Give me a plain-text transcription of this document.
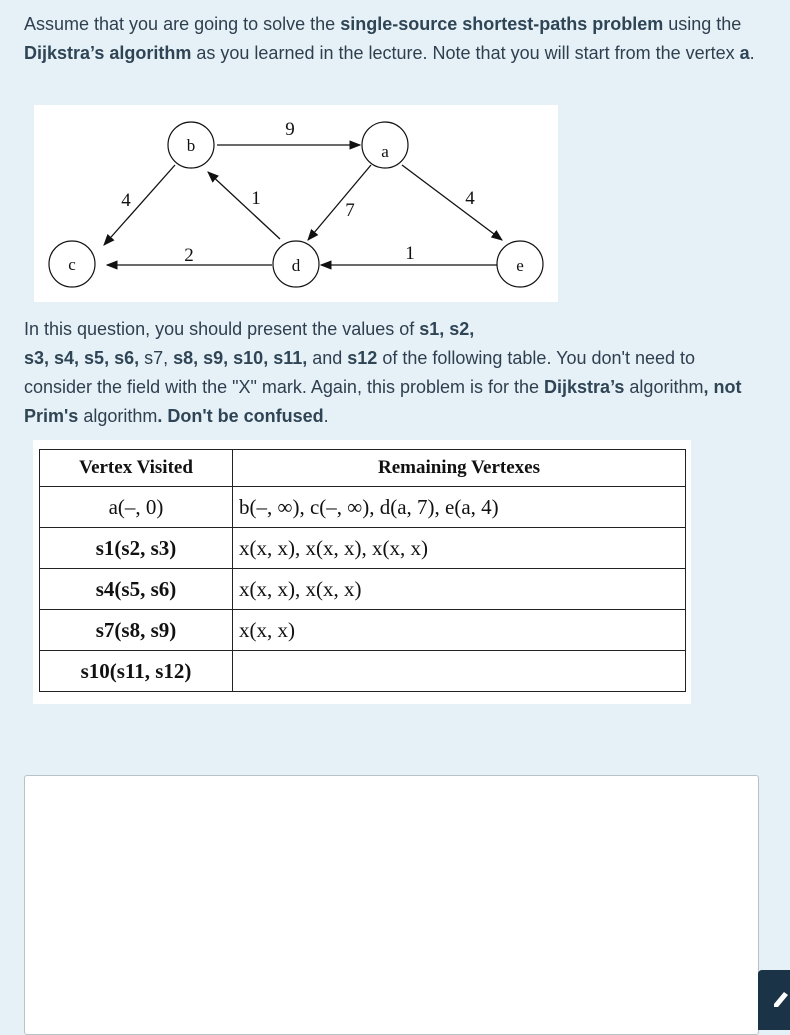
Assume that you are going to solve the single-source shortest-paths problem using the Dijkstra’s algorithm as you learned in the lecture. Note that you will start from the vertex a.
9
4	1
7
4
2	1
b	a
c	d	e
In this question, you should present the values of s1, s2,
s3, s4, s5, s6, s7, s8, s9, s10, s11, and s12 of the following table. You don't need to consider the field with the "X" mark. Again, this problem is for the Dijkstra’s algorithm, not Prim's algorithm. Don't be confused.
Vertex Visited	Remaining Vertexes
a(–, 0)	b(–, ∞), c(–, ∞), d(a, 7), e(a, 4)
s1(s2, s3)	x(x, x), x(x, x), x(x, x)
s4(s5, s6)	x(x, x), x(x, x)
s7(s8, s9)	x(x, x)
s10(s11, s12)	
